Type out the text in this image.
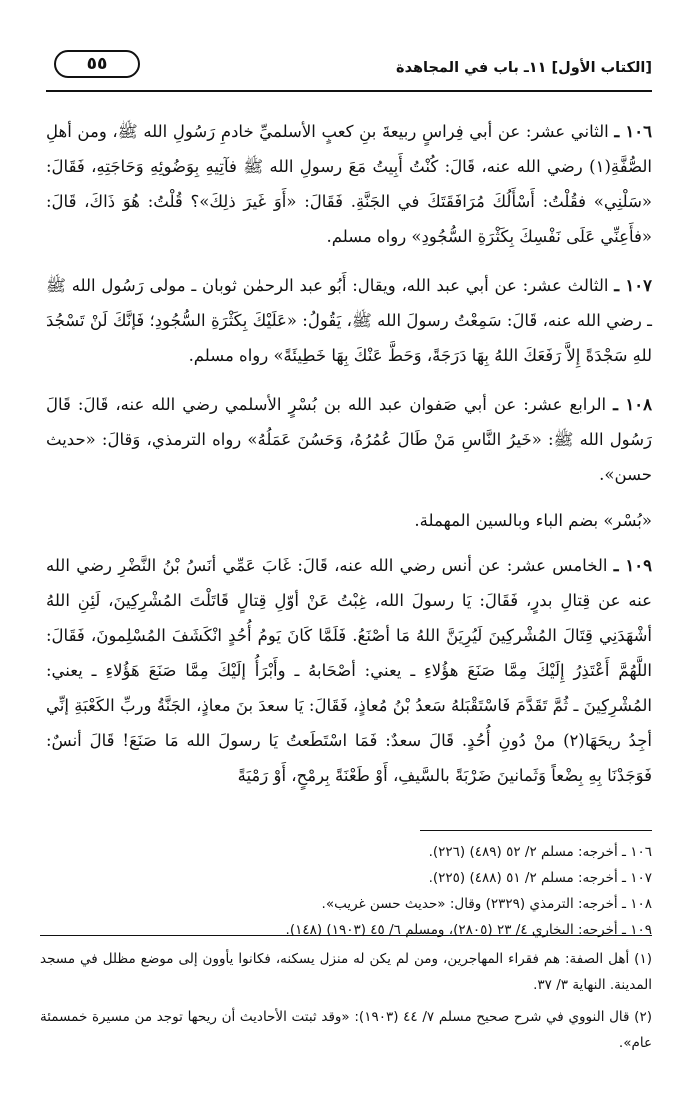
[الكتاب الأول] ١١ـ باب في المجاهدة
٥٥

١٠٦ ـ الثاني عشر: عن أبي فِراسٍ ربيعةَ بنِ كعبٍ الأسلميِّ خادمِ رَسُولِ الله ﷺ، ومن أهلِ الصُّفَّةِ(١) رضي الله عنه، قَالَ: كُنْتُ أَبِيتُ مَعَ رسولِ الله ﷺ فآتِيهِ بِوَضُوئِهِ وَحَاجَتِهِ، فَقَالَ: «سَلْنِي» فقُلْتُ: أَسْأَلُكَ مُرَافَقَتَكَ في الجَنَّةِ. فَقَالَ: «أَوَ غَيرَ ذلِكَ»؟ قُلْتُ: هُوَ ذَاكَ، قَالَ: «فأَعِنِّي عَلَى نَفْسِكَ بِكَثْرَةِ السُّجُودِ» رواه مسلم.

١٠٧ ـ الثالث عشر: عن أبي عبد الله، ويقال: أَبُو عبد الرحمٰن ثوبان ـ مولى رَسُول الله ﷺ ـ رضي الله عنه، قَالَ: سَمِعْتُ رسولَ الله ﷺ، يَقُولُ: «عَلَيْكَ بِكَثْرَةِ السُّجُودِ؛ فَإنَّكَ لَنْ تَسْجُدَ للهِ سَجْدَةً إِلاَّ رَفَعَكَ اللهُ بِهَا دَرَجَةً، وَحَطَّ عَنْكَ بِهَا خَطِيئَةً» رواه مسلم.

١٠٨ ـ الرابع عشر: عن أبي صَفوان عبد الله بن بُسْرٍ الأسلمي رضي الله عنه، قَالَ: قَالَ رَسُول الله ﷺ: «خَيرُ النَّاسِ مَنْ طَالَ عُمُرُهُ، وَحَسُنَ عَمَلُهُ» رواه الترمذي، وَقالَ: «حديث حسن».

«بُسْر» بضم الباء وبالسين المهملة.

١٠٩ ـ الخامس عشر: عن أنس رضي الله عنه، قَالَ: غَابَ عَمِّي أنَسُ بْنُ النَّضْرِ رضي الله عنه عن قِتالِ بدرٍ، فَقَالَ: يَا رسولَ الله، غِبْتُ عَنْ أوّلِ قِتالٍ قَاتَلْتَ المُشْرِكِينَ، لَئِنِ اللهُ أشْهَدَنِي قِتَالَ المُشْركِينَ لَيُرِيَنَّ اللهُ مَا أصْنَعُ. فَلَمَّا كَانَ يَومُ أُحُدٍ انْكَشَفَ المُسْلِمونَ، فَقَالَ: اللَّهُمَّ أَعْتَذِرُ إِلَيْكَ مِمَّا صَنَعَ هؤُلاءِ ـ يعني: أصْحَابهُ ـ وأَبْرَأُ إلَيْكَ مِمَّا صَنَعَ هَؤُلاءِ ـ يعني: المُشْرِكِينَ ـ ثُمَّ تَقَدَّمَ فَاسْتَقْبَلهُ سَعدُ بْنُ مُعاذٍ، فَقَالَ: يَا سعدَ بنَ معاذٍ، الجَنَّةُ وربِّ الكَعْبَةِ إنِّي أجِدُ ريحَهَا(٢) منْ دُونِ أُحُدٍ. قَالَ سعدٌ: فَمَا اسْتَطَعتُ يَا رسولَ الله مَا صَنَعَ! قَالَ أنسٌ: فَوَجَدْنَا بِهِ بِضْعاً وَثَمانينَ ضَرْبَةً بالسَّيفِ، أَوْ طَعْنَةً بِرمْحٍ، أَوْ رَمْيَةً

١٠٦ ـ أخرجه: مسلم ٢/ ٥٢ (٤٨٩) (٢٢٦).
١٠٧ ـ أخرجه: مسلم ٢/ ٥١ (٤٨٨) (٢٢٥).
١٠٨ ـ أخرجه: الترمذي (٢٣٢٩) وقال: «حديث حسن غريب».
١٠٩ ـ أخرجه: البخاري ٤/ ٢٣ (٢٨٠٥)، ومسلم ٦/ ٤٥ (١٩٠٣) (١٤٨).

(١) أهل الصفة: هم فقراء المهاجرين، ومن لم يكن له منزل يسكنه، فكانوا يأوون إلى موضع مظلل في مسجد المدينة. النهاية ٣/ ٣٧.

(٢) قال النووي في شرح صحيح مسلم ٧/ ٤٤ (١٩٠٣): «وقد ثبتت الأحاديث أن ريحها توجد من مسيرة خمسمئة عام».
